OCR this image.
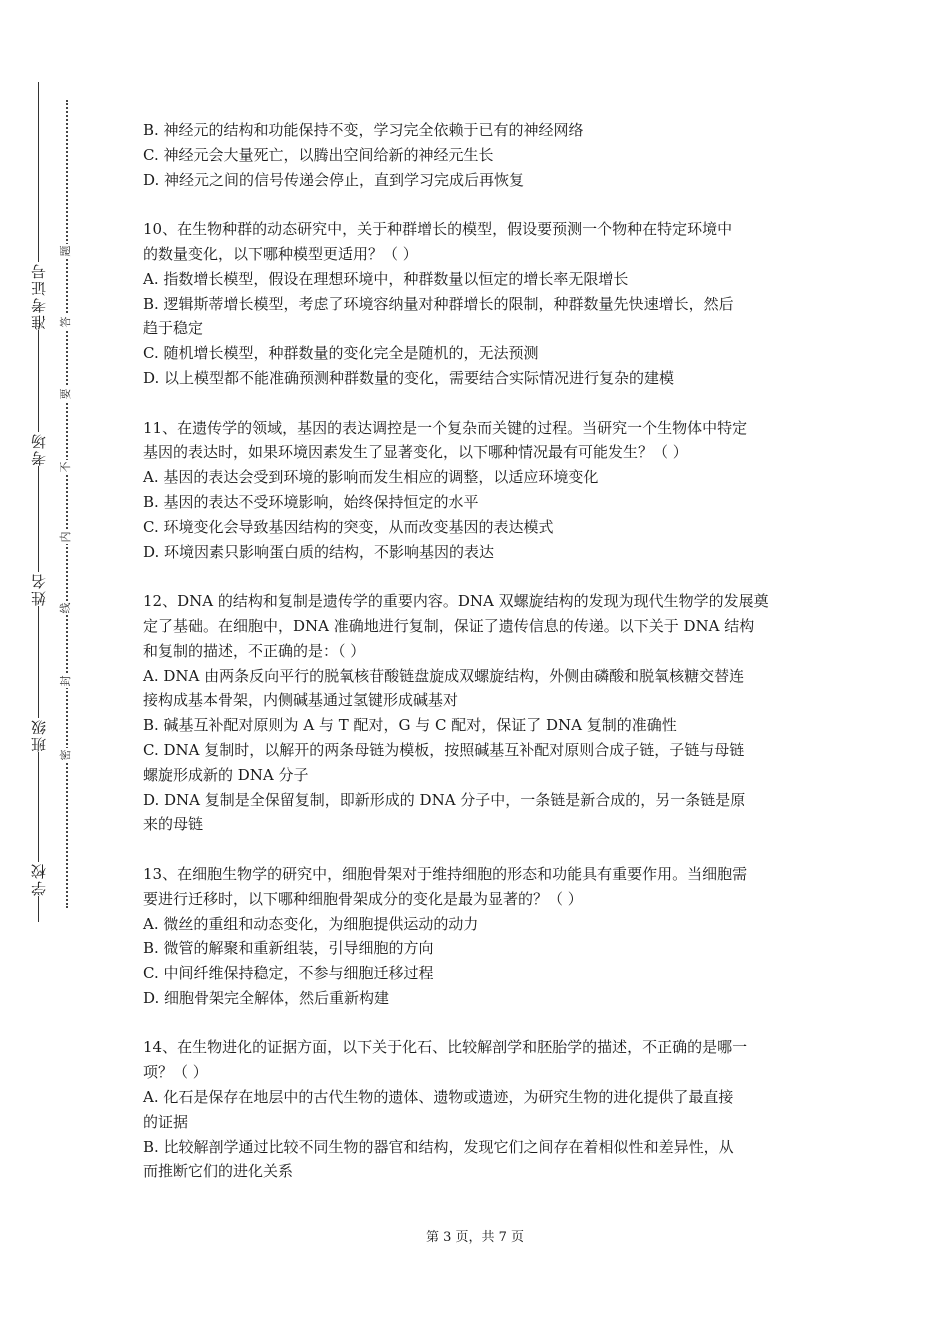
学校
班级
姓名
考场
准考证号
密
封
线
内
不
要
答
题

B. 神经元的结构和功能保持不变，学习完全依赖于已有的神经网络

C. 神经元会大量死亡，以腾出空间给新的神经元生长

D. 神经元之间的信号传递会停止，直到学习完成后再恢复

10、在生物种群的动态研究中，关于种群增长的模型，假设要预测一个物种在特定环境中

的数量变化，以下哪种模型更适用？（ ）

A. 指数增长模型，假设在理想环境中，种群数量以恒定的增长率无限增长

B. 逻辑斯蒂增长模型，考虑了环境容纳量对种群增长的限制，种群数量先快速增长，然后

趋于稳定

C. 随机增长模型，种群数量的变化完全是随机的，无法预测

D. 以上模型都不能准确预测种群数量的变化，需要结合实际情况进行复杂的建模

11、在遗传学的领域，基因的表达调控是一个复杂而关键的过程。当研究一个生物体中特定

基因的表达时，如果环境因素发生了显著变化，以下哪种情况最有可能发生？（ ）

A. 基因的表达会受到环境的影响而发生相应的调整，以适应环境变化

B. 基因的表达不受环境影响，始终保持恒定的水平

C. 环境变化会导致基因结构的突变，从而改变基因的表达模式

D. 环境因素只影响蛋白质的结构，不影响基因的表达

12、DNA 的结构和复制是遗传学的重要内容。DNA 双螺旋结构的发现为现代生物学的发展奠

定了基础。在细胞中，DNA 准确地进行复制，保证了遗传信息的传递。以下关于 DNA 结构

和复制的描述，不正确的是：（ ）

A. DNA 由两条反向平行的脱氧核苷酸链盘旋成双螺旋结构，外侧由磷酸和脱氧核糖交替连

接构成基本骨架，内侧碱基通过氢键形成碱基对

B. 碱基互补配对原则为 A 与 T 配对，G 与 C 配对，保证了 DNA 复制的准确性

C. DNA 复制时，以解开的两条母链为模板，按照碱基互补配对原则合成子链，子链与母链

螺旋形成新的 DNA 分子

D. DNA 复制是全保留复制，即新形成的 DNA 分子中，一条链是新合成的，另一条链是原

来的母链

13、在细胞生物学的研究中，细胞骨架对于维持细胞的形态和功能具有重要作用。当细胞需

要进行迁移时，以下哪种细胞骨架成分的变化是最为显著的？（ ）

A. 微丝的重组和动态变化，为细胞提供运动的动力

B. 微管的解聚和重新组装，引导细胞的方向

C. 中间纤维保持稳定，不参与细胞迁移过程

D. 细胞骨架完全解体，然后重新构建

14、在生物进化的证据方面，以下关于化石、比较解剖学和胚胎学的描述，不正确的是哪一

项？（ ）

A. 化石是保存在地层中的古代生物的遗体、遗物或遗迹，为研究生物的进化提供了最直接

的证据

B. 比较解剖学通过比较不同生物的器官和结构，发现它们之间存在着相似性和差异性，从

而推断它们的进化关系

第 3 页，共 7 页
